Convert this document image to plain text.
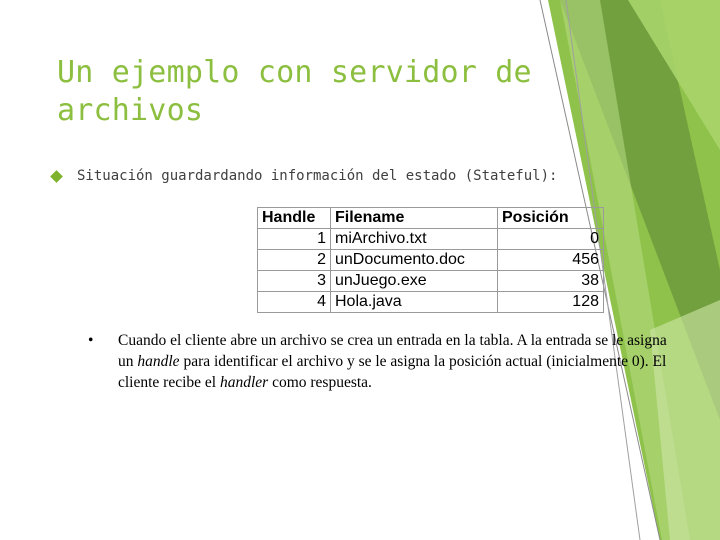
Un ejemplo con servidor de
archivos
Situación guardardando información del estado (Stateful):
Handle	Filename	Posición
1	miArchivo.txt	0
2	unDocumento.doc	456
3	unJuego.exe	38
4	Hola.java	128
•	Cuando el cliente abre un archivo se crea un entrada en la tabla. A la entrada se le asigna un handle para identificar el archivo y se le asigna la posición actual (inicialmente 0). El cliente recibe el handler como respuesta.
